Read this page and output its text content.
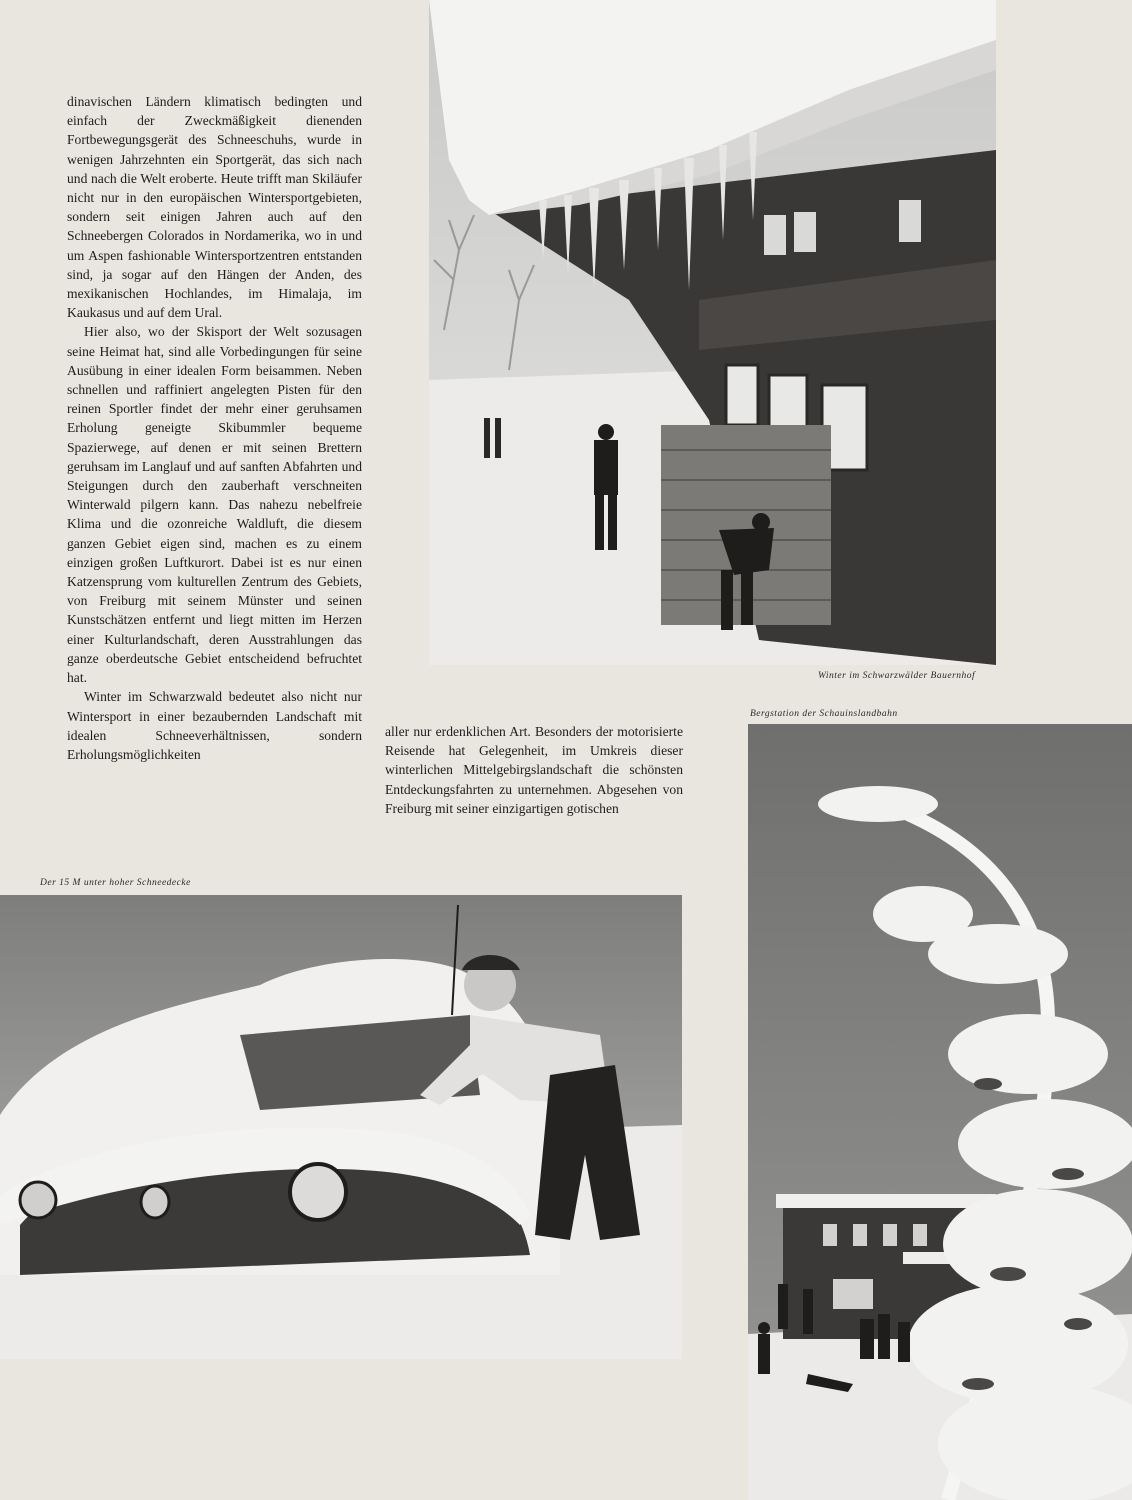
dinavischen Ländern klimatisch bedingten und einfach der Zweckmäßigkeit dienenden Fortbewegungsgerät des Schneeschuhs, wurde in wenigen Jahrzehnten ein Sportgerät, das sich nach und nach die Welt eroberte. Heute trifft man Skiläufer nicht nur in den europäischen Wintersportgebieten, sondern seit einigen Jahren auch auf den Schneebergen Colorados in Nordamerika, wo in und um Aspen fashionable Wintersportzentren entstanden sind, ja sogar auf den Hängen der Anden, des mexikanischen Hochlandes, im Himalaja, im Kaukasus und auf dem Ural.

Hier also, wo der Skisport der Welt sozusagen seine Heimat hat, sind alle Vorbedingungen für seine Ausübung in einer idealen Form beisammen. Neben schnellen und raffiniert angelegten Pisten für den reinen Sportler findet der mehr einer geruhsamen Erholung geneigte Skibummler bequeme Spazierwege, auf denen er mit seinen Brettern geruhsam im Langlauf und auf sanften Abfahrten und Steigungen durch den zauberhaft verschneiten Winterwald pilgern kann. Das nahezu nebelfreie Klima und die ozonreiche Waldluft, die diesem ganzen Gebiet eigen sind, machen es zu einem einzigen großen Luftkurort. Dabei ist es nur einen Katzensprung vom kulturellen Zentrum des Gebiets, von Freiburg mit seinem Münster und seinen Kunstschätzen entfernt und liegt mitten im Herzen einer Kulturlandschaft, deren Ausstrahlungen das ganze oberdeutsche Gebiet entscheidend befruchtet hat.

Winter im Schwarzwald bedeutet also nicht nur Wintersport in einer bezaubernden Landschaft mit idealen Schneeverhältnissen, sondern Erholungsmöglichkeiten

aller nur erdenklichen Art. Besonders der motorisierte Reisende hat Gelegenheit, im Umkreis dieser winterlichen Mittelgebirgslandschaft die schönsten Entdeckungsfahrten zu unternehmen. Abgesehen von Freiburg mit seiner einzigartigen gotischen

Winter im Schwarzwälder Bauernhof
Bergstation der Schauinslandbahn
Der 15 M unter hoher Schneedecke
